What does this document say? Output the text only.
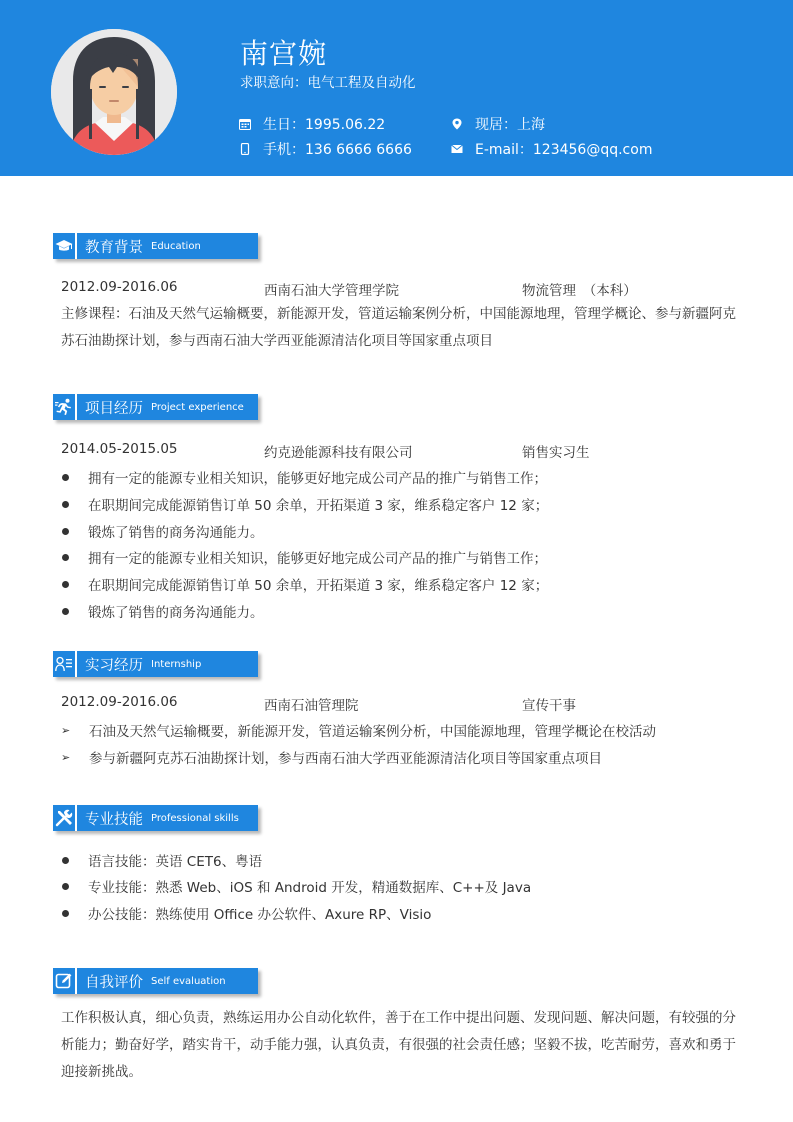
南宫婉
求职意向：电气工程及自动化
生日：1995.06.22	现居：上海
手机：136 6666 6666	E-mail：123456@qq.com
教育背景 Education
2012.09-2016.06	西南石油大学管理学院	物流管理　（本科）
主修课程：石油及天然气运输概要，新能源开发，管道运输案例分析，中国能源地理，管理学概论、参与新疆阿克苏石油勘探计划，参与西南石油大学西亚能源清洁化项目等国家重点项目
项目经历 Project experience
2014.05-2015.05	约克逊能源科技有限公司	销售实习生
拥有一定的能源专业相关知识，能够更好地完成公司产品的推广与销售工作；
在职期间完成能源销售订单 50 余单，开拓渠道 3 家，维系稳定客户 12 家；
锻炼了销售的商务沟通能力。
拥有一定的能源专业相关知识，能够更好地完成公司产品的推广与销售工作；
在职期间完成能源销售订单 50 余单，开拓渠道 3 家，维系稳定客户 12 家；
锻炼了销售的商务沟通能力。
实习经历 Internship
2012.09-2016.06	西南石油管理院	宣传干事
➢ 石油及天然气运输概要，新能源开发，管道运输案例分析，中国能源地理，管理学概论在校活动
➢ 参与新疆阿克苏石油勘探计划，参与西南石油大学西亚能源清洁化项目等国家重点项目
专业技能 Professional skills
语言技能：英语 CET6、粤语
专业技能：熟悉 Web、iOS 和 Android 开发，精通数据库、C++及 Java
办公技能：熟练使用 Office 办公软件、Axure RP、Visio
自我评价 Self evaluation
工作积极认真，细心负责，熟练运用办公自动化软件，善于在工作中提出问题、发现问题、解决问题，有较强的分析能力；勤奋好学，踏实肯干，动手能力强，认真负责，有很强的社会责任感；坚毅不拔，吃苦耐劳，喜欢和勇于迎接新挑战。
